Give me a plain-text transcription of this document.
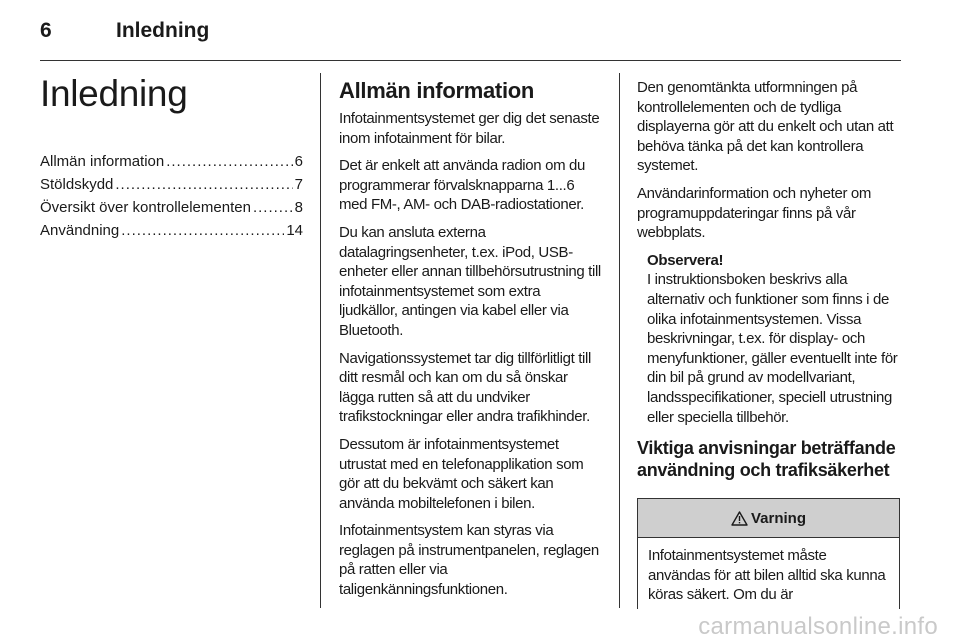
6	Inledning
Inledning
Allmän information .....	6
Stöldskydd .....	7
Översikt över kontrollelementen .....	8
Användning .....	14
Allmän information

Infotainmentsystemet ger dig det senaste inom infotainment för bilar.

Det är enkelt att använda radion om du programmerar förvalsknapparna 1...6 med FM-, AM- och DAB-radiostationer.

Du kan ansluta externa datalagringsenheter, t.ex. iPod, USB-enheter eller annan tillbehörsutrustning till infotainmentsystemet som extra ljudkällor, antingen via kabel eller via Bluetooth.

Navigationssystemet tar dig tillförlitligt till ditt resmål och kan om du så önskar lägga rutten så att du undviker trafikstockningar eller andra trafikhinder.

Dessutom är infotainmentsystemet utrustat med en telefonapplikation som gör att du bekvämt och säkert kan använda mobiltelefonen i bilen.

Infotainmentsystem kan styras via reglagen på instrumentpanelen, reglagen på ratten eller via taligenkänningsfunktionen.

Den genomtänkta utformningen på kontrollelementen och de tydliga displayerna gör att du enkelt och utan att behöva tänka på det kan kontrollera systemet.

Användarinformation och nyheter om programuppdateringar finns på vår webbplats.

Observera!

I instruktionsboken beskrivs alla alternativ och funktioner som finns i de olika infotainmentsystemen. Vissa beskrivningar, t.ex. för display- och menyfunktioner, gäller eventuellt inte för din bil på grund av modellvariant, landsspecifikationer, speciell utrustning eller speciella tillbehör.

Viktiga anvisningar beträffande användning och trafiksäkerhet
Varning
Infotainmentsystemet måste användas för att bilen alltid ska kunna köras säkert. Om du är
carmanualsonline.info
